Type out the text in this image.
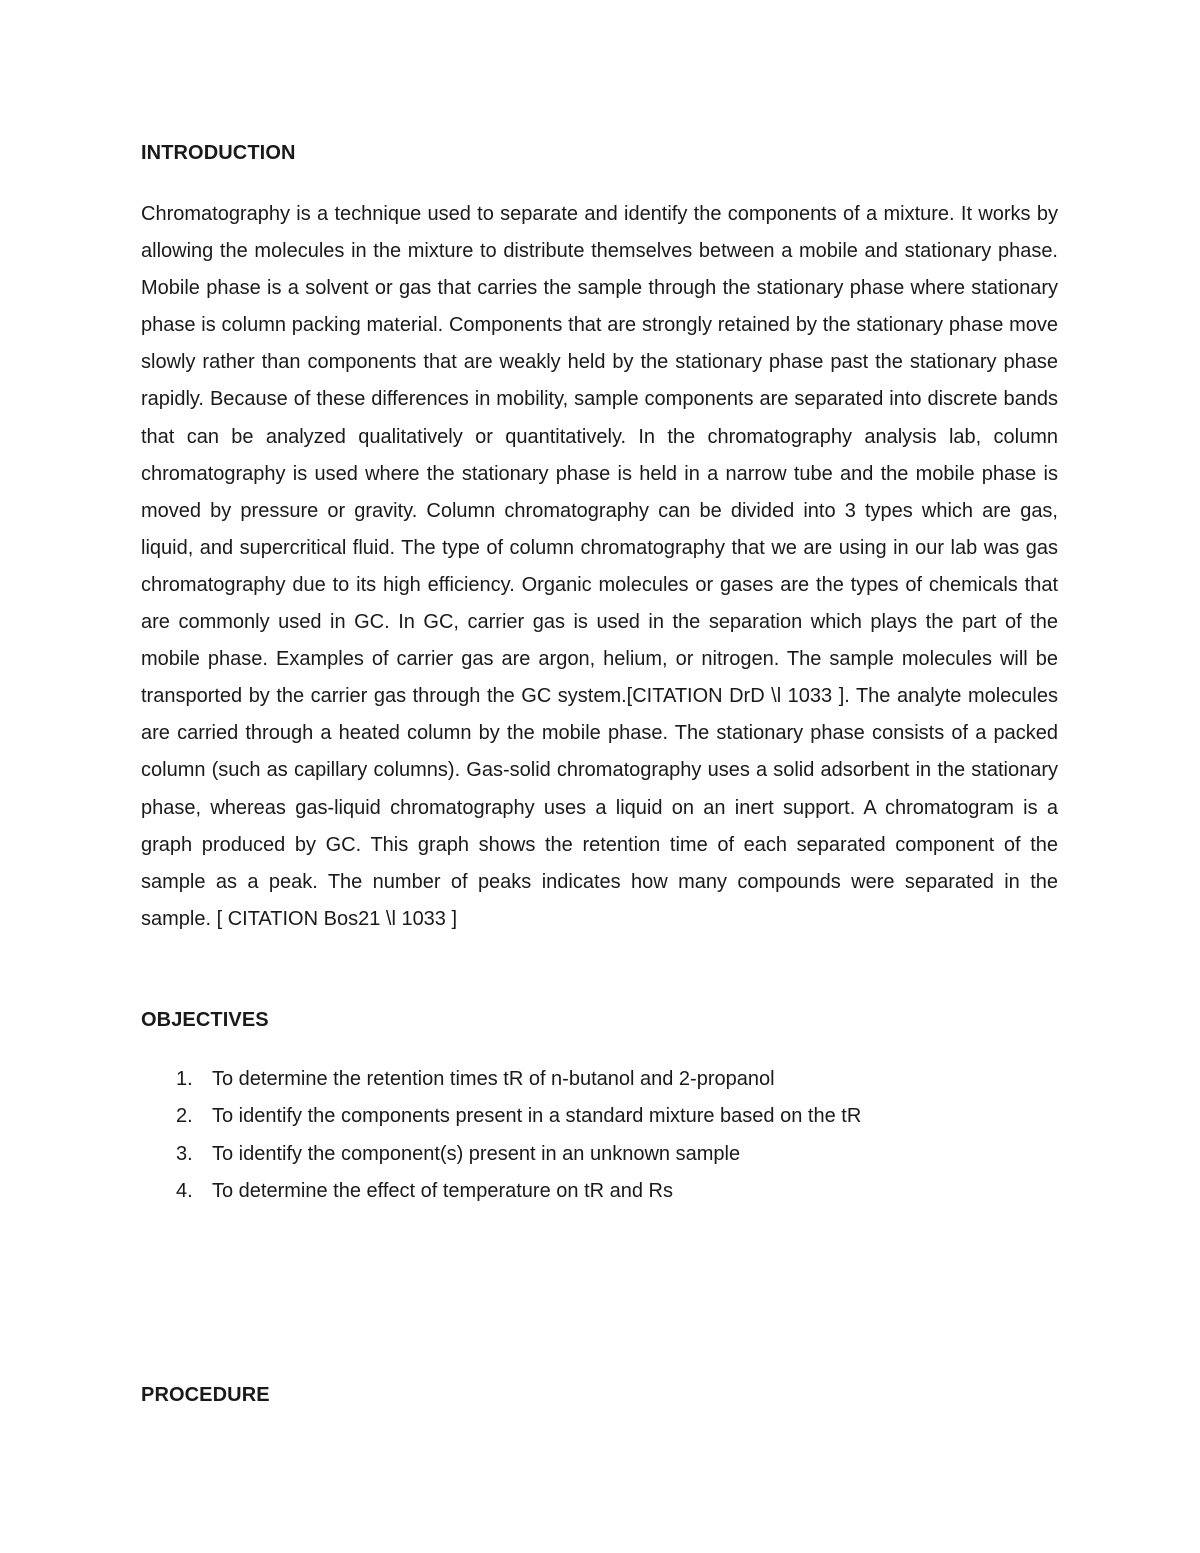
INTRODUCTION

Chromatography is a technique used to separate and identify the components of a mixture. It works by allowing the molecules in the mixture to distribute themselves between a mobile and stationary phase. Mobile phase is a solvent or gas that carries the sample through the stationary phase where stationary phase is column packing material. Components that are strongly retained by the stationary phase move slowly rather than components that are weakly held by the stationary phase past the stationary phase rapidly. Because of these differences in mobility, sample components are separated into discrete bands that can be analyzed qualitatively or quantitatively. In the chromatography analysis lab, column chromatography is used where the stationary phase is held in a narrow tube and the mobile phase is moved by pressure or gravity. Column chromatography can be divided into 3 types which are gas, liquid, and supercritical fluid. The type of column chromatography that we are using in our lab was gas chromatography due to its high efficiency. Organic molecules or gases are the types of chemicals that are commonly used in GC. In GC, carrier gas is used in the separation which plays the part of the mobile phase. Examples of carrier gas are argon, helium, or nitrogen. The sample molecules will be transported by the carrier gas through the GC system.[CITATION DrD \l 1033 ]. The analyte molecules are carried through a heated column by the mobile phase. The stationary phase consists of a packed column (such as capillary columns). Gas-solid chromatography uses a solid adsorbent in the stationary phase, whereas gas-liquid chromatography uses a liquid on an inert support. A chromatogram is a graph produced by GC. This graph shows the retention time of each separated component of the sample as a peak. The number of peaks indicates how many compounds were separated in the sample. [ CITATION Bos21 \l 1033 ]

OBJECTIVES
1. To determine the retention times tR of n-butanol and 2-propanol
2. To identify the components present in a standard mixture based on the tR
3. To identify the component(s) present in an unknown sample
4. To determine the effect of temperature on tR and Rs
PROCEDURE
